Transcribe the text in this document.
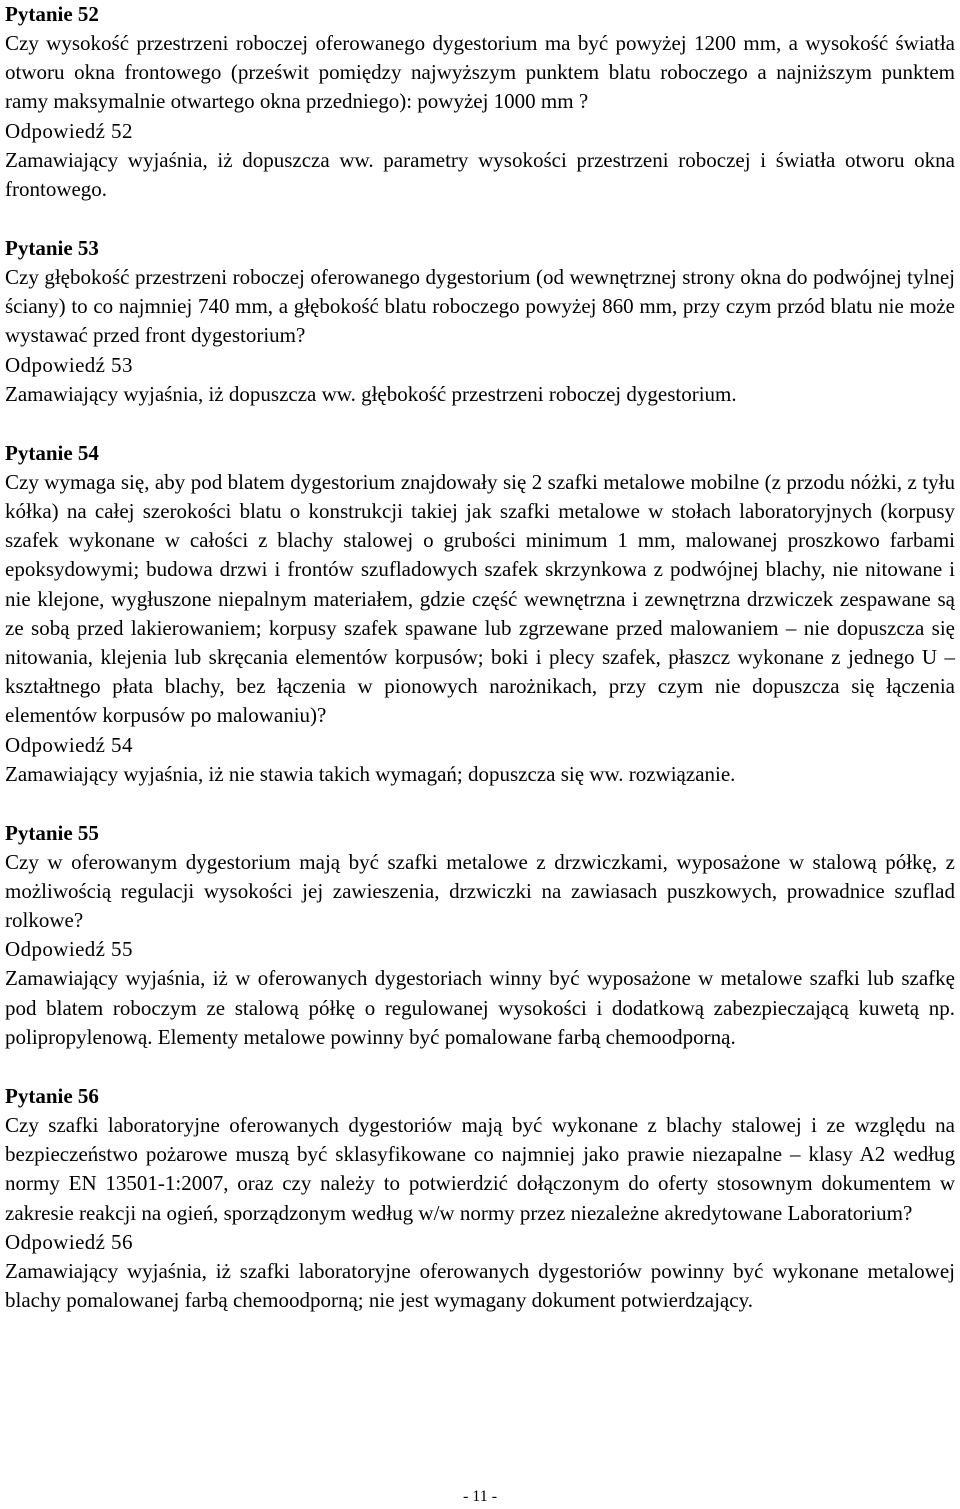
Pytanie 52

Czy wysokość przestrzeni roboczej oferowanego dygestorium ma być powyżej 1200 mm, a wysokość światła otworu okna frontowego (prześwit pomiędzy najwyższym punktem blatu roboczego a najniższym punktem ramy maksymalnie otwartego okna przedniego): powyżej 1000 mm ?

Odpowiedź 52

Zamawiający wyjaśnia, iż dopuszcza ww. parametry wysokości przestrzeni roboczej i światła otworu okna frontowego.

Pytanie 53

Czy głębokość przestrzeni roboczej oferowanego dygestorium (od wewnętrznej strony okna do podwójnej tylnej ściany) to co najmniej 740 mm, a głębokość blatu roboczego powyżej 860 mm, przy czym przód blatu nie może wystawać przed front dygestorium?

Odpowiedź 53

Zamawiający wyjaśnia, iż dopuszcza ww. głębokość przestrzeni roboczej dygestorium.

Pytanie 54

Czy wymaga się, aby pod blatem dygestorium znajdowały się 2 szafki metalowe mobilne (z przodu nóżki, z tyłu kółka) na całej szerokości blatu o konstrukcji takiej jak szafki metalowe w stołach laboratoryjnych (korpusy szafek wykonane w całości z blachy stalowej o grubości minimum 1 mm, malowanej proszkowo farbami epoksydowymi; budowa drzwi i frontów szufladowych szafek skrzynkowa z podwójnej blachy, nie nitowane i nie klejone, wygłuszone niepalnym materiałem, gdzie część wewnętrzna i zewnętrzna drzwiczek zespawane są ze sobą przed lakierowaniem; korpusy szafek spawane lub zgrzewane przed malowaniem – nie dopuszcza się nitowania, klejenia lub skręcania elementów korpusów; boki i plecy szafek, płaszcz wykonane z jednego U –kształtnego płata blachy, bez łączenia w pionowych narożnikach, przy czym nie dopuszcza się łączenia elementów korpusów po malowaniu)?

Odpowiedź 54

Zamawiający wyjaśnia, iż nie stawia takich wymagań; dopuszcza się ww. rozwiązanie.

Pytanie 55

Czy w oferowanym dygestorium mają być szafki metalowe z drzwiczkami, wyposażone w stalową półkę, z możliwością regulacji wysokości jej zawieszenia, drzwiczki na zawiasach puszkowych, prowadnice szuflad rolkowe?

Odpowiedź 55

Zamawiający wyjaśnia, iż w oferowanych dygestoriach winny być wyposażone w metalowe szafki lub szafkę pod blatem roboczym ze stalową półkę o regulowanej wysokości i dodatkową zabezpieczającą kuwetą np. polipropylenową. Elementy metalowe powinny być pomalowane farbą chemoodporną.

Pytanie 56

Czy szafki laboratoryjne oferowanych dygestoriów mają być wykonane z blachy stalowej i ze względu na bezpieczeństwo pożarowe muszą być sklasyfikowane co najmniej jako prawie niezapalne – klasy A2 według normy EN 13501-1:2007, oraz czy należy to potwierdzić dołączonym do oferty stosownym dokumentem w zakresie reakcji na ogień, sporządzonym według w/w normy przez niezależne akredytowane Laboratorium?

Odpowiedź 56

Zamawiający wyjaśnia, iż szafki laboratoryjne oferowanych dygestoriów powinny być wykonane metalowej blachy pomalowanej farbą chemoodporną; nie jest wymagany dokument potwierdzający.

- 11 -
